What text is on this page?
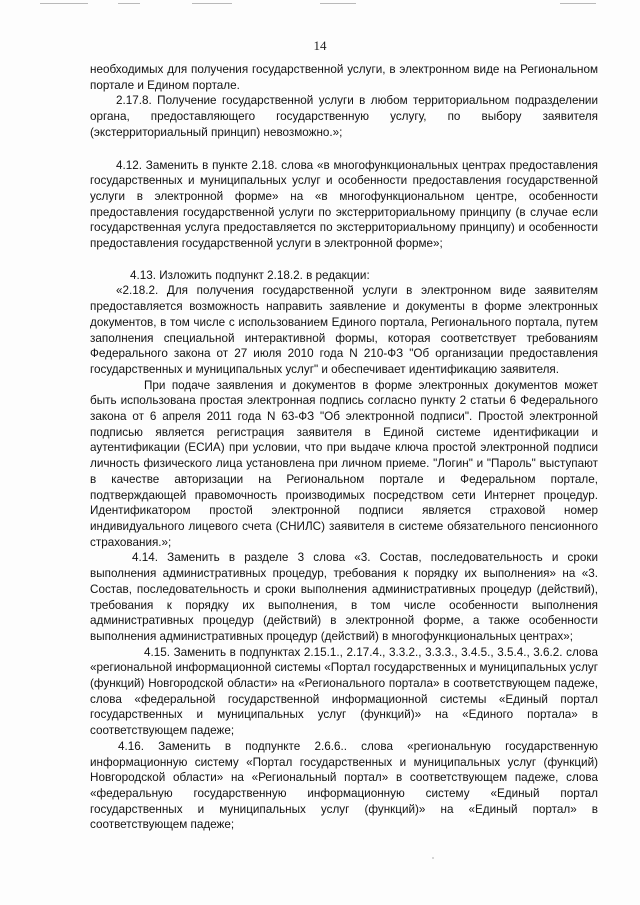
14

необходимых для получения государственной услуги, в электронном виде на Региональном портале и Едином портале.

2.17.8. Получение государственной услуги в любом территориальном подразделении органа, предоставляющего государственную услугу, по выбору заявителя (экстерриториальный принцип) невозможно.»;

4.12. Заменить в пункте 2.18. слова «в многофункциональных центрах предоставления государственных и муниципальных услуг и особенности предоставления государственной услуги в электронной форме» на «в многофункциональном центре, особенности предоставления государственной услуги по экстерриториальному принципу (в случае если государственная услуга предоставляется по экстерриториальному принципу) и особенности предоставления государственной услуги в электронной форме»;

4.13. Изложить подпункт 2.18.2. в редакции:

«2.18.2. Для получения государственной услуги в электронном виде заявителям предоставляется возможность направить заявление и документы в форме электронных документов, в том числе с использованием Единого портала, Регионального портала, путем заполнения специальной интерактивной формы, которая соответствует требованиям Федерального закона от 27 июля 2010 года N 210-ФЗ "Об организации предоставления государственных и муниципальных услуг" и обеспечивает идентификацию заявителя.

При подаче заявления и документов в форме электронных документов может быть использована простая электронная подпись согласно пункту 2 статьи 6 Федерального закона от 6 апреля 2011 года N 63-ФЗ "Об электронной подписи". Простой электронной подписью является регистрация заявителя в Единой системе идентификации и аутентификации (ЕСИА) при условии, что при выдаче ключа простой электронной подписи личность физического лица установлена при личном приеме. "Логин" и "Пароль" выступают в качестве авторизации на Региональном портале и Федеральном портале, подтверждающей правомочность производимых посредством сети Интернет процедур. Идентификатором простой электронной подписи является страховой номер индивидуального лицевого счета (СНИЛС) заявителя в системе обязательного пенсионного страхования.»;

4.14. Заменить в разделе 3 слова «3. Состав, последовательность и сроки выполнения административных процедур, требования к порядку их выполнения» на «3. Состав, последовательность и сроки выполнения административных процедур (действий), требования к порядку их выполнения, в том числе особенности выполнения административных процедур (действий) в электронной форме, а также особенности выполнения административных процедур (действий) в многофункциональных центрах»;

4.15. Заменить в подпунктах 2.15.1., 2.17.4., 3.3.2., 3.3.3., 3.4.5., 3.5.4., 3.6.2. слова «региональной информационной системы «Портал государственных и муниципальных услуг (функций) Новгородской области» на «Регионального портала» в соответствующем падеже, слова «федеральной государственной информационной системы «Единый портал государственных и муниципальных услуг (функций)» на «Единого портала» в соответствующем падеже;

4.16. Заменить в подпункте 2.6.6.. слова «региональную государственную информационную систему «Портал государственных и муниципальных услуг (функций) Новгородской области» на «Региональный портал» в соответствующем падеже, слова «федеральную государственную информационную систему «Единый портал государственных и муниципальных услуг (функций)» на «Единый портал» в соответствующем падеже;
